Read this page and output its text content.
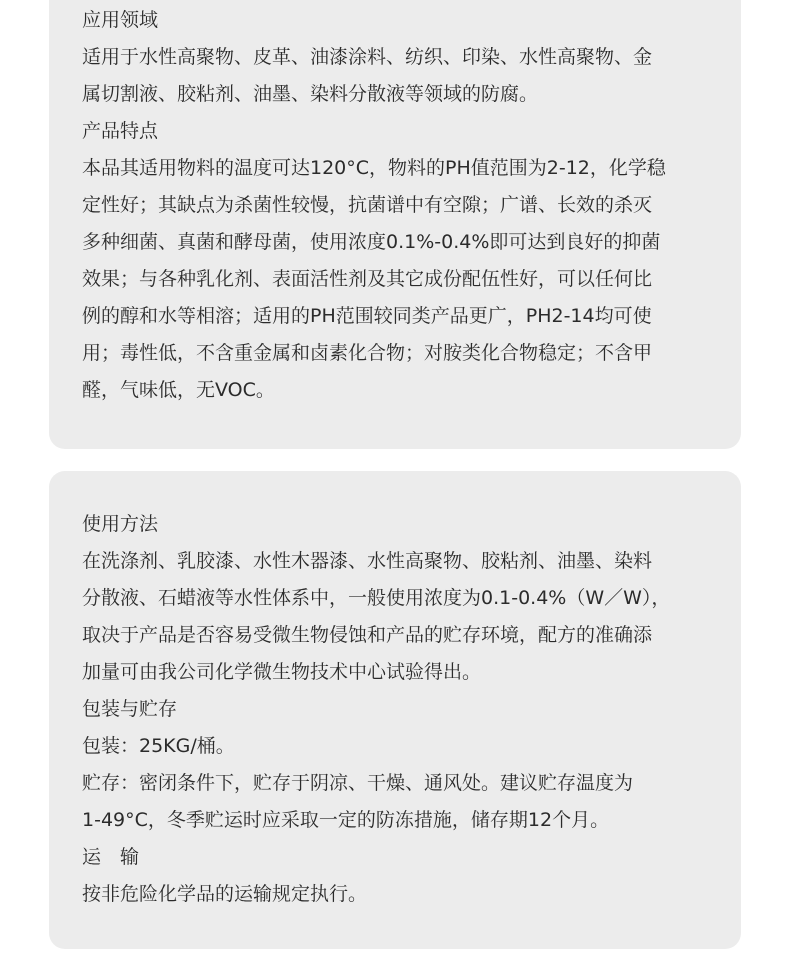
应用领域

适用于水性高聚物、皮革、油漆涂料、纺织、印染、水性高聚物、金
属切割液、胶粘剂、油墨、染料分散液等领域的防腐。

产品特点

本品其适用物料的温度可达120°C，物料的PH值范围为2-12，化学稳
定性好；其缺点为杀菌性较慢，抗菌谱中有空隙；广谱、长效的杀灭
多种细菌、真菌和酵母菌，使用浓度0.1%-0.4%即可达到良好的抑菌
效果；与各种乳化剂、表面活性剂及其它成份配伍性好，可以任何比
例的醇和水等相溶；适用的PH范围较同类产品更广，PH2-14均可使
用；毒性低，不含重金属和卤素化合物；对胺类化合物稳定；不含甲
醛，气味低，无VOC。

使用方法

在洗涤剂、乳胶漆、水性木器漆、水性高聚物、胶粘剂、油墨、染料
分散液、石蜡液等水性体系中，一般使用浓度为0.1-0.4%（W／W），
取决于产品是否容易受微生物侵蚀和产品的贮存环境，配方的准确添
加量可由我公司化学微生物技术中心试验得出。

包装与贮存

包装：25KG/桶。
贮存：密闭条件下，贮存于阴凉、干燥、通风处。建议贮存温度为
1-49°C，冬季贮运时应采取一定的防冻措施，储存期12个月。

运　输

按非危险化学品的运输规定执行。
